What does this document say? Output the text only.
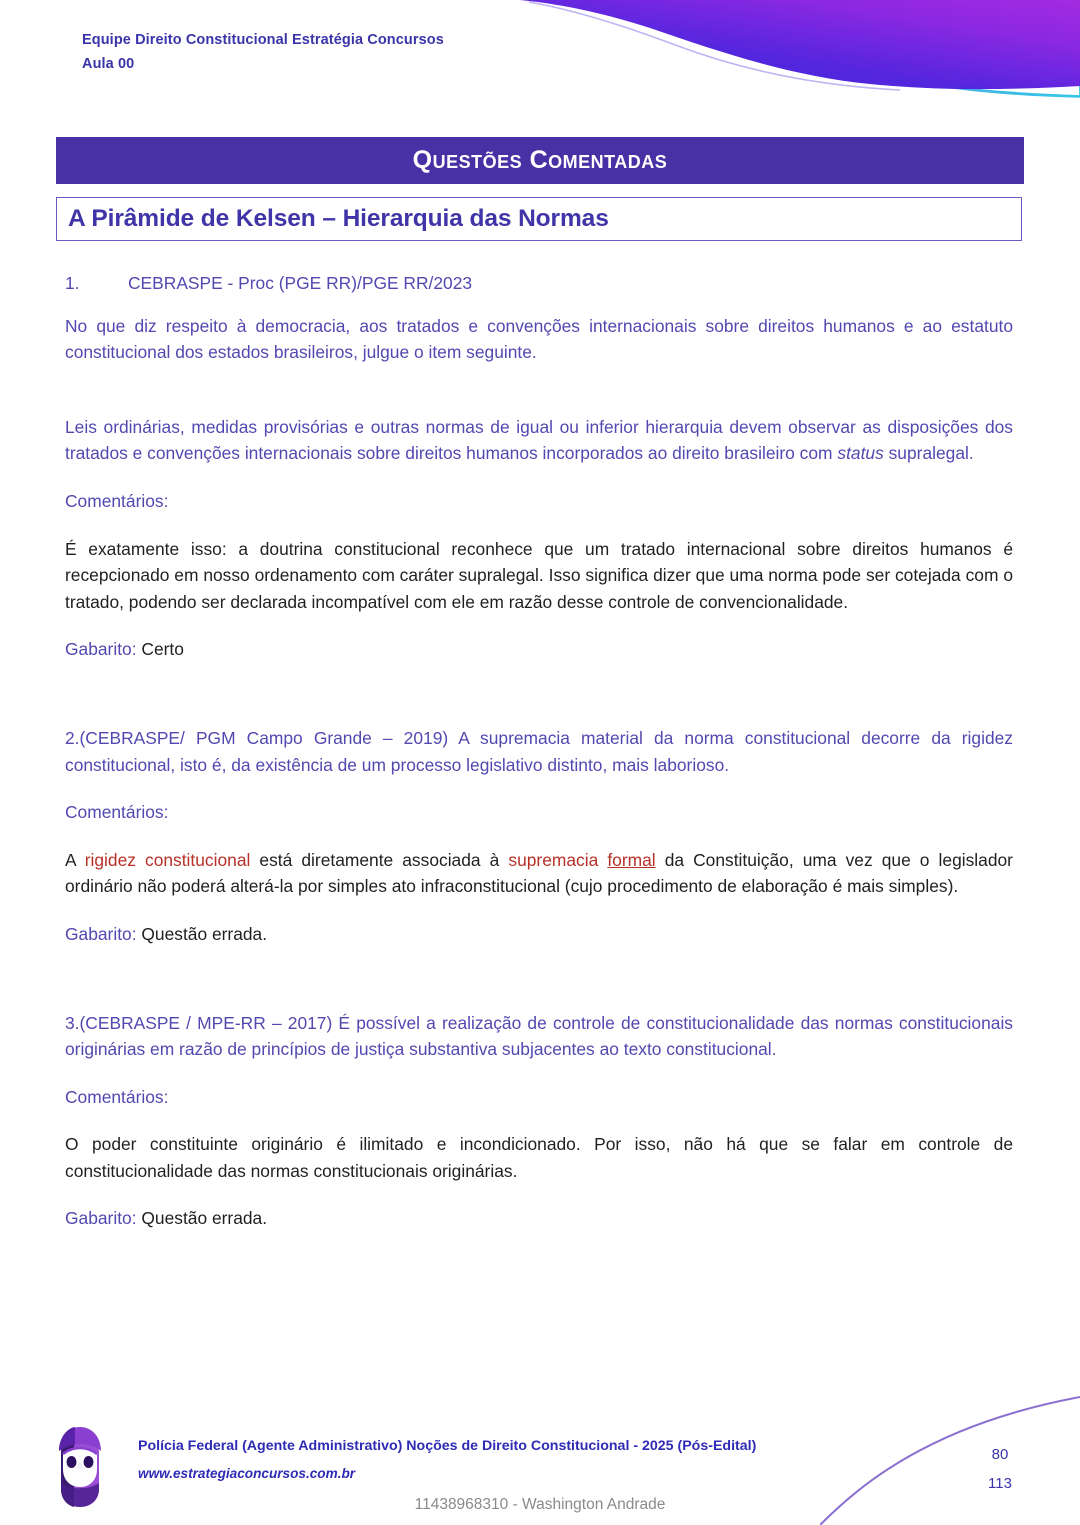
Equipe Direito Constitucional Estratégia Concursos
Aula 00
Questões Comentadas
A Pirâmide de Kelsen – Hierarquia das Normas

1.	CEBRASPE - Proc (PGE RR)/PGE RR/2023

No que diz respeito à democracia, aos tratados e convenções internacionais sobre direitos humanos e ao estatuto constitucional dos estados brasileiros, julgue o item seguinte.

Leis ordinárias, medidas provisórias e outras normas de igual ou inferior hierarquia devem observar as disposições dos tratados e convenções internacionais sobre direitos humanos incorporados ao direito brasileiro com status supralegal.

Comentários:

É exatamente isso: a doutrina constitucional reconhece que um tratado internacional sobre direitos humanos é recepcionado em nosso ordenamento com caráter supralegal. Isso significa dizer que uma norma pode ser cotejada com o tratado, podendo ser declarada incompatível com ele em razão desse controle de convencionalidade.

Gabarito: Certo

2.(CEBRASPE/ PGM Campo Grande – 2019) A supremacia material da norma constitucional decorre da rigidez constitucional, isto é, da existência de um processo legislativo distinto, mais laborioso.

Comentários:

A rigidez constitucional está diretamente associada à supremacia formal da Constituição, uma vez que o legislador ordinário não poderá alterá-la por simples ato infraconstitucional (cujo procedimento de elaboração é mais simples).

Gabarito: Questão errada.

3.(CEBRASPE / MPE-RR – 2017) É possível a realização de controle de constitucionalidade das normas constitucionais originárias em razão de princípios de justiça substantiva subjacentes ao texto constitucional.

Comentários:

O poder constituinte originário é ilimitado e incondicionado. Por isso, não há que se falar em controle de constitucionalidade das normas constitucionais originárias.

Gabarito: Questão errada.

Polícia Federal (Agente Administrativo) Noções de Direito Constitucional - 2025 (Pós-Edital)
www.estrategiaconcursos.com.br
80
113
11438968310 - Washington Andrade
